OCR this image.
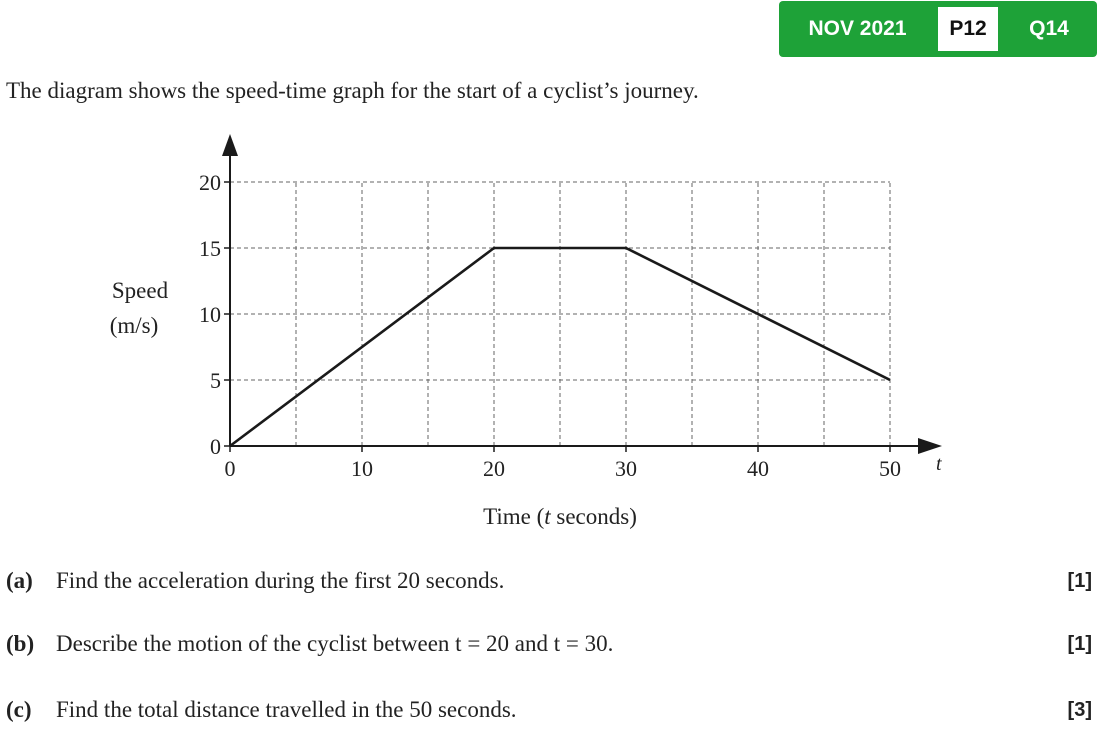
NOV 2021	P12	Q14
The diagram shows the speed-time graph for the start of a cyclist’s journey.
0	10	20	30	40	50
0
5
10
15
20
t
Speed
(m/s)
Time (t seconds)
(a) Find the acceleration during the first 20 seconds.	[1]
(b) Describe the motion of the cyclist between t = 20 and t = 30.	[1]
(c) Find the total distance travelled in the 50 seconds.	[3]
